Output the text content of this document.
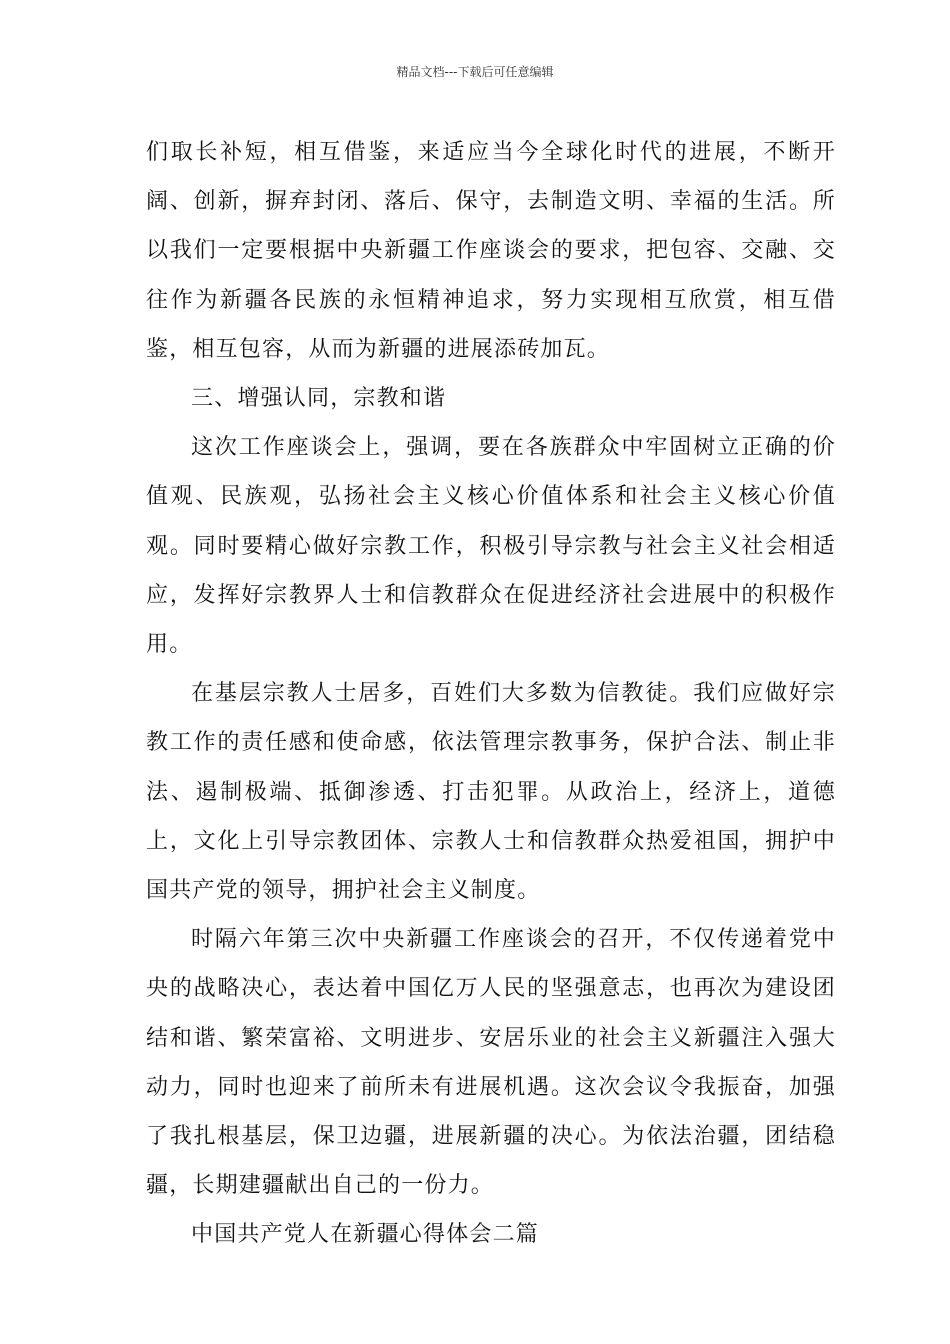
精品文档---下载后可任意编辑

们取长补短，相互借鉴，来适应当今全球化时代的进展，不断开阔、创新，摒弃封闭、落后、保守，去制造文明、幸福的生活。所以我们一定要根据中央新疆工作座谈会的要求，把包容、交融、交往作为新疆各民族的永恒精神追求，努力实现相互欣赏，相互借鉴，相互包容，从而为新疆的进展添砖加瓦。

三、增强认同，宗教和谐

这次工作座谈会上，强调，要在各族群众中牢固树立正确的价值观、民族观，弘扬社会主义核心价值体系和社会主义核心价值观。同时要精心做好宗教工作，积极引导宗教与社会主义社会相适应，发挥好宗教界人士和信教群众在促进经济社会进展中的积极作用。

在基层宗教人士居多，百姓们大多数为信教徒。我们应做好宗教工作的责任感和使命感，依法管理宗教事务，保护合法、制止非法、遏制极端、抵御渗透、打击犯罪。从政治上，经济上，道德上，文化上引导宗教团体、宗教人士和信教群众热爱祖国，拥护中国共产党的领导，拥护社会主义制度。

时隔六年第三次中央新疆工作座谈会的召开，不仅传递着党中央的战略决心，表达着中国亿万人民的坚强意志，也再次为建设团结和谐、繁荣富裕、文明进步、安居乐业的社会主义新疆注入强大动力，同时也迎来了前所未有进展机遇。这次会议令我振奋，加强了我扎根基层，保卫边疆，进展新疆的决心。为依法治疆，团结稳疆，长期建疆献出自己的一份力。

中国共产党人在新疆心得体会二篇
